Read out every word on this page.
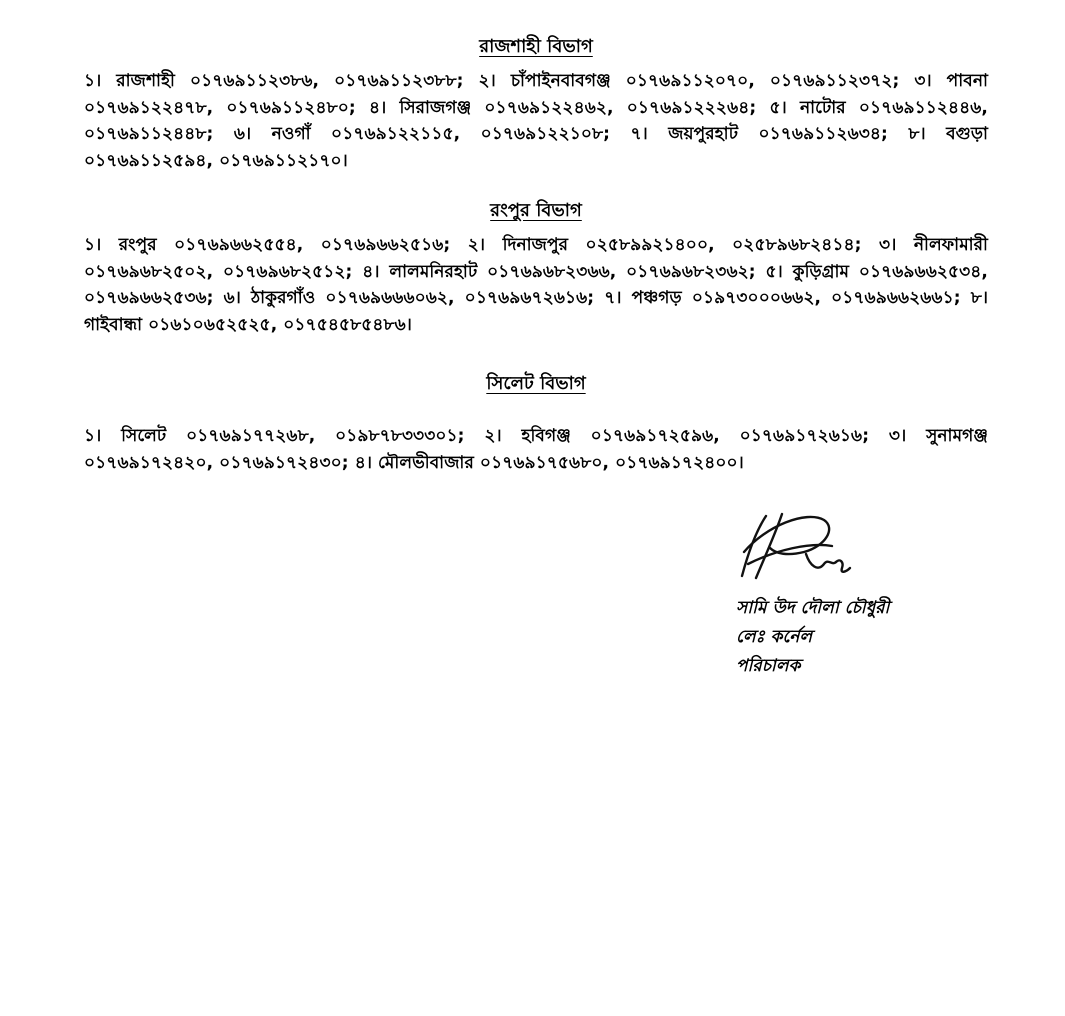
রাজশাহী বিভাগ

১। রাজশাহী ০১৭৬৯১১২৩৮৬, ০১৭৬৯১১২৩৮৮; ২। চাঁপাইনবাবগঞ্জ ০১৭৬৯১১২০৭০, ০১৭৬৯১১২৩৭২; ৩। পাবনা ০১৭৬৯১২২৪৭৮, ০১৭৬৯১১২৪৮০; ৪। সিরাজগঞ্জ ০১৭৬৯১২২৪৬২, ০১৭৬৯১২২২৬৪; ৫। নাটোর ০১৭৬৯১১২৪৪৬, ০১৭৬৯১১২৪৪৮; ৬। নওগাঁ ০১৭৬৯১২২১১৫, ০১৭৬৯১২২১০৮; ৭। জয়পুরহাট ০১৭৬৯১১২৬৩৪; ৮। বগুড়া ০১৭৬৯১১২৫৯৪, ০১৭৬৯১১২১৭০।

রংপুর বিভাগ

১। রংপুর ০১৭৬৯৬৬২৫৫৪, ০১৭৬৯৬৬২৫১৬; ২। দিনাজপুর ০২৫৮৯৯২১৪০০, ০২৫৮৯৬৮২৪১৪; ৩। নীলফামারী ০১৭৬৯৬৮২৫০২, ০১৭৬৯৬৮২৫১২; ৪। লালমনিরহাট ০১৭৬৯৬৮২৩৬৬, ০১৭৬৯৬৮২৩৬২; ৫। কুড়িগ্রাম ০১৭৬৯৬৬২৫৩৪, ০১৭৬৯৬৬২৫৩৬; ৬। ঠাকুরগাঁও ০১৭৬৯৬৬৬০৬২, ০১৭৬৯৬৭২৬১৬; ৭। পঞ্চগড় ০১৯৭৩০০০৬৬২, ০১৭৬৯৬৬২৬৬১; ৮। গাইবান্ধা ০১৬১০৬৫২৫২৫, ০১৭৫৪৫৮৫৪৮৬।

সিলেট বিভাগ

১। সিলেট ০১৭৬৯১৭৭২৬৮, ০১৯৮৭৮৩৩৩০১; ২। হবিগঞ্জ ০১৭৬৯১৭২৫৯৬, ০১৭৬৯১৭২৬১৬; ৩। সুনামগঞ্জ ০১৭৬৯১৭২৪২০, ০১৭৬৯১৭২৪৩০; ৪। মৌলভীবাজার ০১৭৬৯১৭৫৬৮০, ০১৭৬৯১৭২৪০০।

সামি উদ দৌলা চৌধুরী
লেঃ কর্নেল
পরিচালক
